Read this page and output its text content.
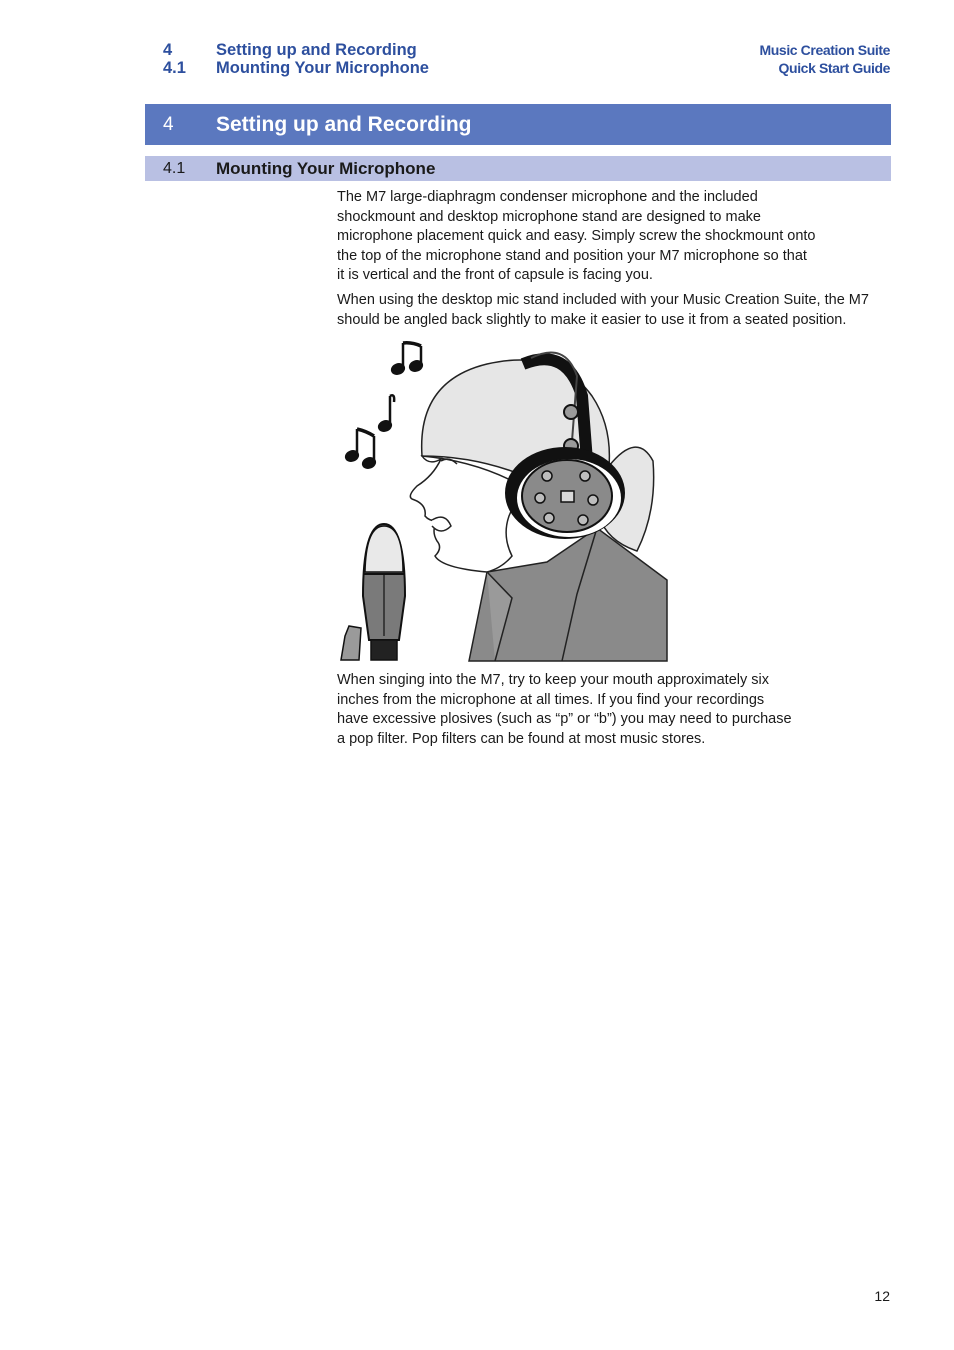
4	Setting up and Recording
4.1	Mounting Your Microphone
Music Creation Suite
Quick Start Guide
4	Setting up and Recording
4.1	Mounting Your Microphone

The M7 large-diaphragm condenser microphone and the included shockmount and desktop microphone stand are designed to make microphone placement quick and easy. Simply screw the shockmount onto the top of the microphone stand and position your M7 microphone so that it is vertical and the front of capsule is facing you.

When using the desktop mic stand included with your Music Creation Suite, the M7 should be angled back slightly to make it easier to use it from a seated position.

When singing into the M7, try to keep your mouth approximately six inches from the microphone at all times. If you find your recordings have excessive plosives (such as “p” or “b”) you may need to purchase a pop filter. Pop filters can be found at most music stores.

12
